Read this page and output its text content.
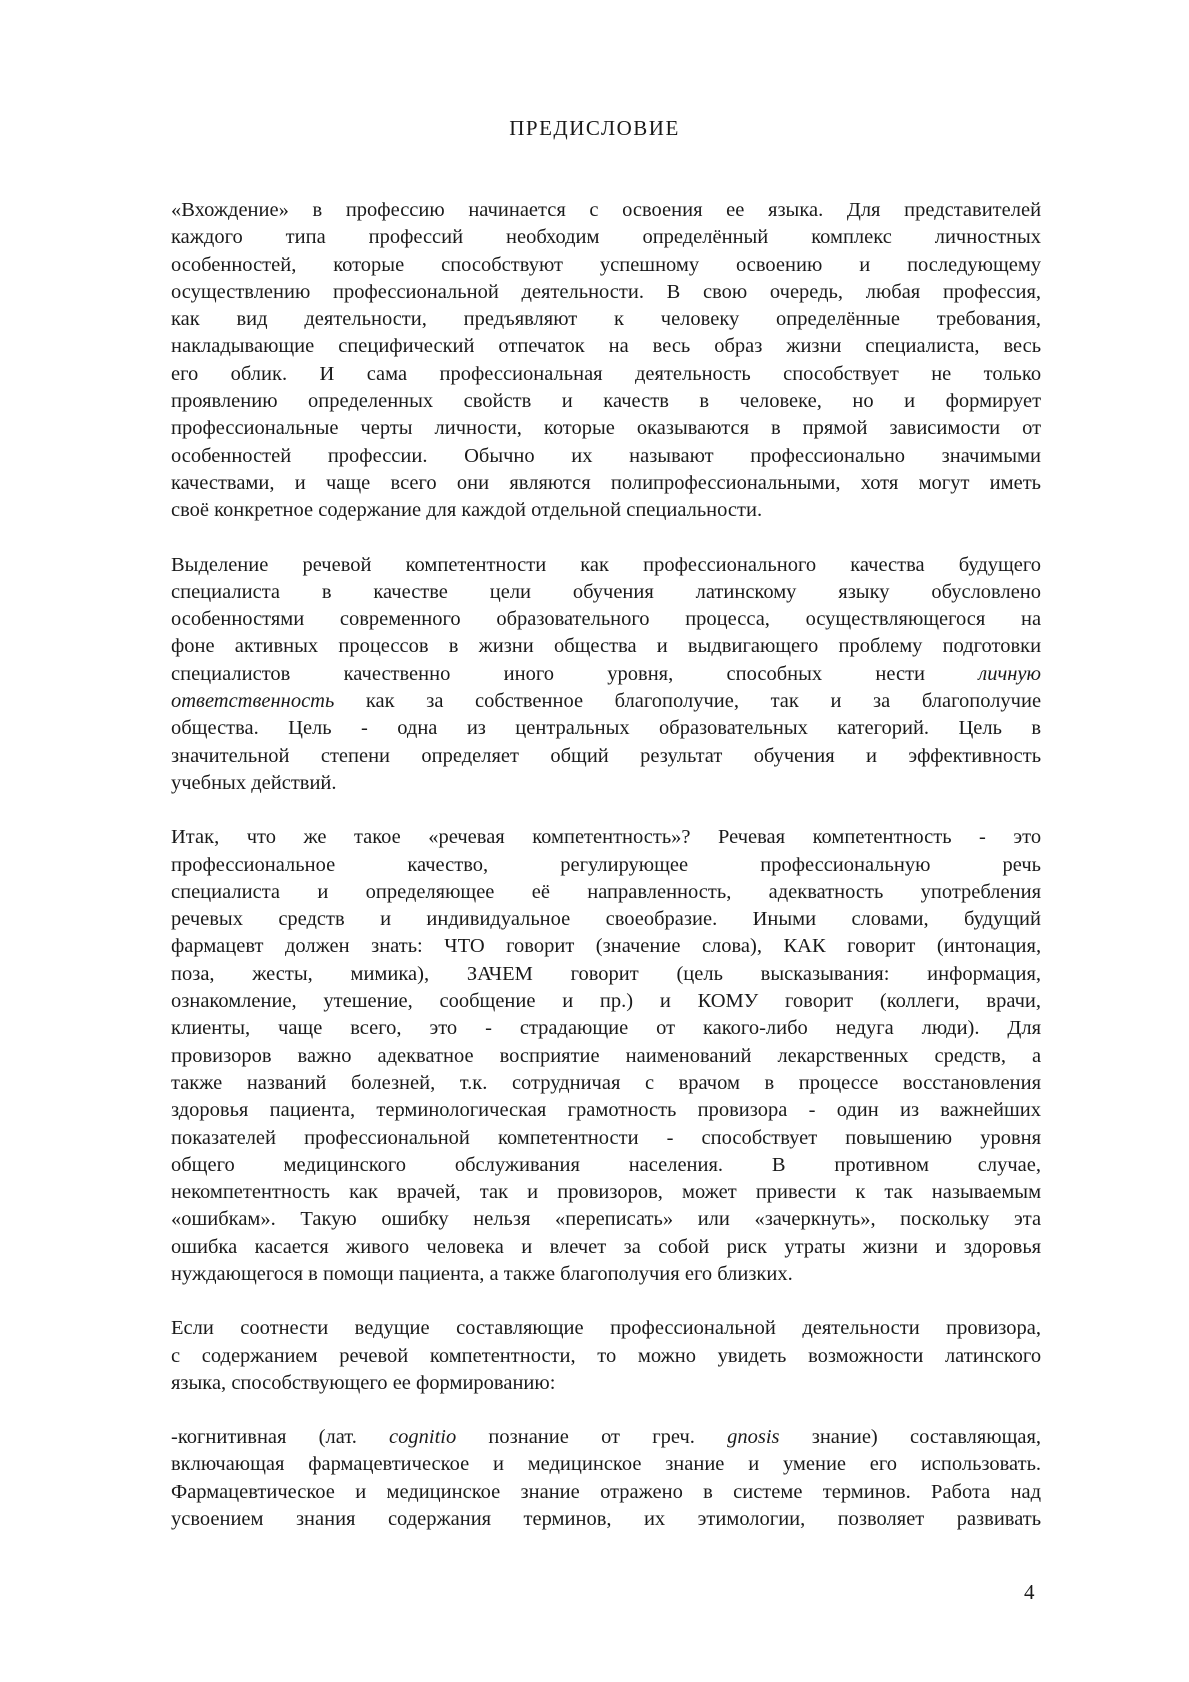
ПРЕДИСЛОВИЕ

«Вхождение» в профессию начинается с освоения ее языка. Для представителей
каждого типа профессий необходим определённый комплекс личностных
особенностей, которые способствуют успешному освоению и последующему
осуществлению профессиональной деятельности. В свою очередь, любая профессия,
как вид деятельности, предъявляют к человеку определённые требования,
накладывающие специфический отпечаток на весь образ жизни специалиста, весь
его облик. И сама профессиональная деятельность способствует не только
проявлению определенных свойств и качеств в человеке, но и формирует
профессиональные черты личности, которые оказываются в прямой зависимости от
особенностей профессии. Обычно их называют профессионально значимыми
качествами, и чаще всего они являются полипрофессиональными, хотя могут иметь
своё конкретное содержание для каждой отдельной специальности.

Выделение речевой компетентности как профессионального качества будущего
специалиста в качестве цели обучения латинскому языку обусловлено
особенностями современного образовательного процесса, осуществляющегося на
фоне активных процессов в жизни общества и выдвигающего проблему подготовки
специалистов	качественно	иного	уровня,	способных	нести	личную
ответственность как за собственное благополучие, так и за благополучие
общества. Цель - одна из центральных образовательных категорий. Цель в
значительной степени определяет общий результат обучения и эффективность
учебных действий.

Итак, что же такое «речевая компетентность»? Речевая компетентность - это
профессиональное	качество,	регулирующее	профессиональную	речь
специалиста и определяющее её направленность, адекватность употребления
речевых средств и индивидуальное своеобразие. Иными словами, будущий
фармацевт должен знать: ЧТО говорит (значение слова), КАК говорит (интонация,
поза, жесты, мимика), ЗАЧЕМ говорит (цель высказывания: информация,
ознакомление, утешение, сообщение и пр.) и КОМУ говорит (коллеги, врачи,
клиенты, чаще всего, это - страдающие от какого-либо недуга люди). Для
провизоров важно адекватное восприятие наименований лекарственных средств, а
также названий болезней, т.к. сотрудничая с врачом в процессе восстановления
здоровья пациента, терминологическая грамотность провизора - один из важнейших
показателей профессиональной компетентности - способствует повышению уровня
общего медицинского обслуживания населения. В противном случае,
некомпетентность как врачей, так и провизоров, может привести к так называемым
«ошибкам». Такую ошибку нельзя «переписать» или «зачеркнуть», поскольку эта
ошибка касается живого человека и влечет за собой риск утраты жизни и здоровья
нуждающегося в помощи пациента, а также благополучия его близких.

Если соотнести ведущие составляющие профессиональной деятельности провизора,
с содержанием речевой компетентности, то можно увидеть возможности латинского
языка, способствующего ее формированию:

-когнитивная (лат. cognitio познание от греч. gnosis знание) составляющая,
включающая фармацевтическое и медицинское знание и умение его использовать.
Фармацевтическое и медицинское знание отражено в системе терминов. Работа над
усвоением знания содержания терминов, их этимологии, позволяет развивать

4
